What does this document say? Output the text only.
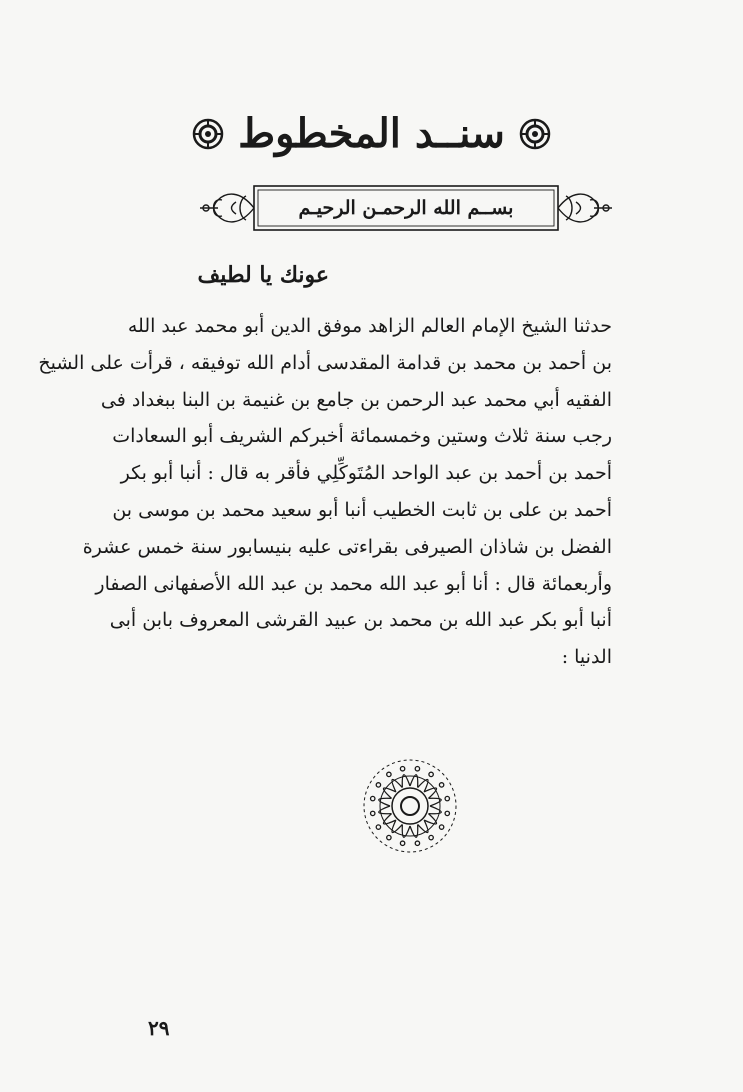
سنــد المخطوط
بســم الله الرحمـن الرحيـم
عونك يا لطيف
حدثنا الشيخ الإمام العالم الزاهد موفق الدين أبو محمد عبد الله
بن أحمد بن محمد بن قدامة المقدسى أدام الله توفيقه ، قرأت على الشيخ
الفقيه أبي محمد عبد الرحمن بن جامع بن غنيمة بن البنا ببغداد فى
رجب سنة ثلاث وستين وخمسمائة أخبركم الشريف أبو السعادات
أحمد بن أحمد بن عبد الواحد المُتَوكِّلِي فأقر به قال : أنبا أبو بكر
أحمد بن على بن ثابت الخطيب أنبا أبو سعيد محمد بن موسى بن
الفضل بن شاذان الصيرفى بقراءتى عليه بنيسابور سنة خمس عشرة
وأربعمائة قال : أنا أبو عبد الله محمد بن عبد الله الأصفهانى الصفار
أنبا أبو بكر عبد الله بن محمد بن عبيد القرشى المعروف بابن أبى
الدنيا :
٢٩
